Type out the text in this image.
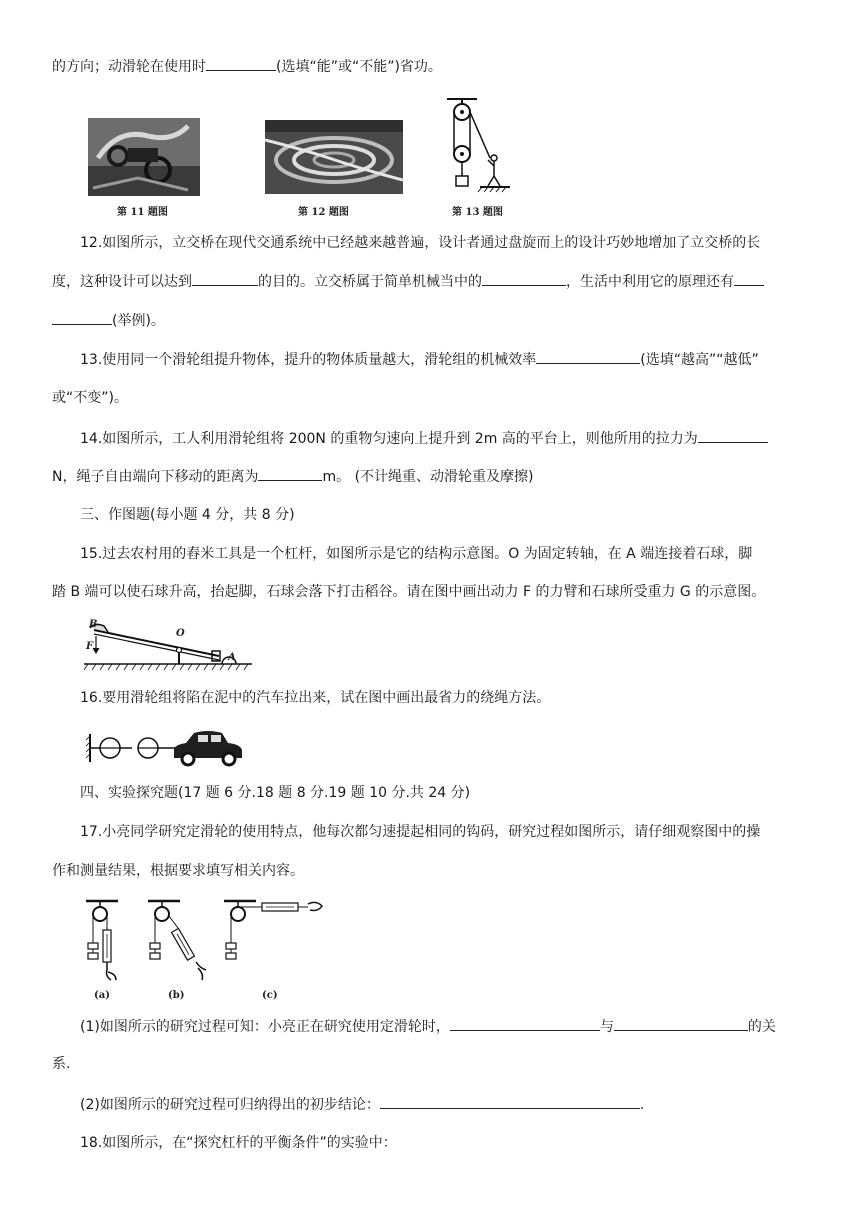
的方向；动滑轮在使用时	(选填“能”或“不能”)省功。
第 11 题图	第 12 题图	第 13 题图
12.如图所示，立交桥在现代交通系统中已经越来越普遍，设计者通过盘旋而上的设计巧妙地增加了立交桥的长
度，这种设计可以达到	的目的。立交桥属于简单机械当中的	，生活中利用它的原理还有
(举例)。
13.使用同一个滑轮组提升物体，提升的物体质量越大，滑轮组的机械效率	(选填“越高”“越低”
或“不变”)。
14.如图所示，工人利用滑轮组将 200N 的重物匀速向上提升到 2m 高的平台上，则他所用的拉力为
N，绳子自由端向下移动的距离为	m。 (不计绳重、动滑轮重及摩擦)
三、作图题(每小题 4 分，共 8 分)
15.过去农村用的舂米工具是一个杠杆，如图所示是它的结构示意图。O 为固定转轴，在 A 端连接着石球，脚
踏 B 端可以使石球升高，抬起脚，石球会落下打击稻谷。请在图中画出动力 F 的力臂和石球所受重力 G 的示意图。
B
O
F
A
16.要用滑轮组将陷在泥中的汽车拉出来，试在图中画出最省力的绕绳方法。
四、实验探究题(17 题 6 分.18 题 8 分.19 题 10 分.共 24 分)
17.小亮同学研究定滑轮的使用特点，他每次都匀速提起相同的钩码，研究过程如图所示，请仔细观察图中的操
作和测量结果，根据要求填写相关内容。
(a)	(b)	(c)
(1)如图所示的研究过程可知：小亮正在研究使用定滑轮时，	与	的关
系.
(2)如图所示的研究过程可归纳得出的初步结论：	.
18.如图所示，在“探究杠杆的平衡条件”的实验中：
